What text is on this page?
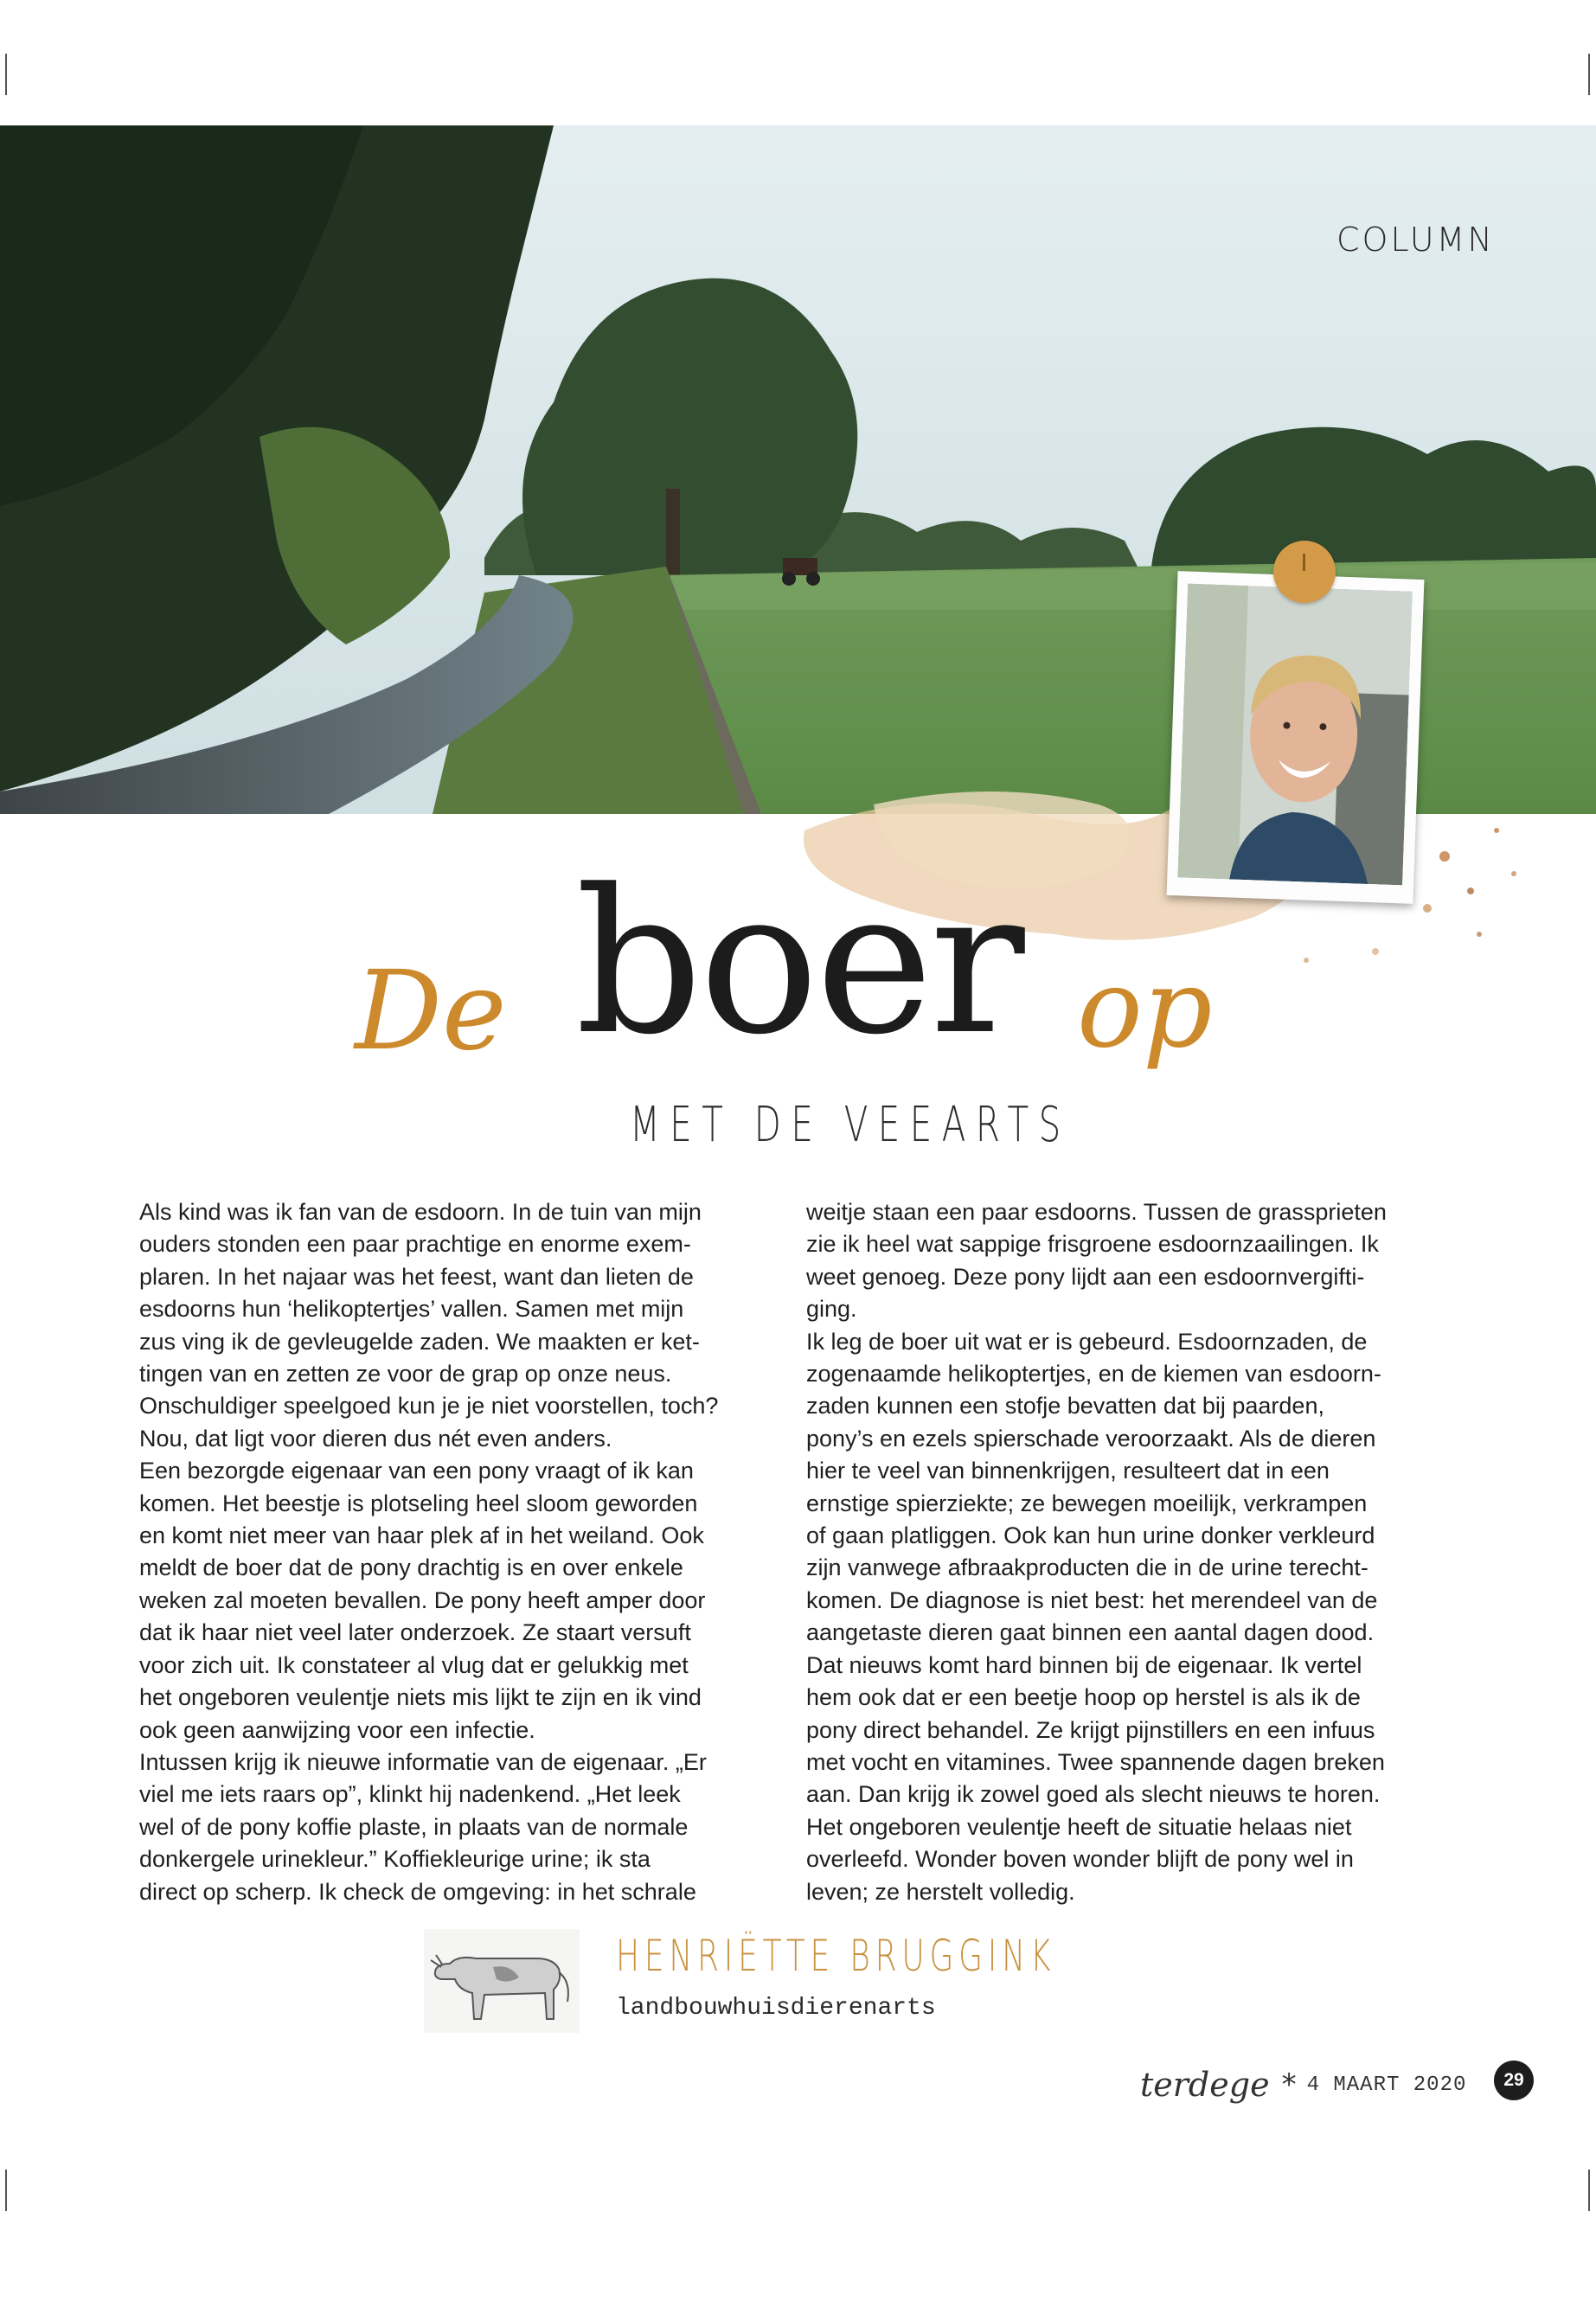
COLUMN
De boer op
MET DE VEEARTS

Als kind was ik fan van de esdoorn. In de tuin van mijn

ouders stonden een paar prachtige en enorme exem-

plaren. In het najaar was het feest, want dan lieten de

esdoorns hun ‘helikoptertjes’ vallen. Samen met mijn

zus ving ik de gevleugelde zaden. We maakten er ket-

tingen van en zetten ze voor de grap op onze neus.

Onschuldiger speelgoed kun je je niet voorstellen, toch?

Nou, dat ligt voor dieren dus nét even anders.

Een bezorgde eigenaar van een pony vraagt of ik kan

komen. Het beestje is plotseling heel sloom geworden

en komt niet meer van haar plek af in het weiland. Ook

meldt de boer dat de pony drachtig is en over enkele

weken zal moeten bevallen. De pony heeft amper door

dat ik haar niet veel later onderzoek. Ze staart versuft

voor zich uit. Ik constateer al vlug dat er gelukkig met

het ongeboren veulentje niets mis lijkt te zijn en ik vind

ook geen aanwijzing voor een infectie.

Intussen krijg ik nieuwe informatie van de eigenaar. „Er

viel me iets raars op”, klinkt hij nadenkend. „Het leek

wel of de pony koffie plaste, in plaats van de normale

donkergele urinekleur.” Koffiekleurige urine; ik sta

direct op scherp. Ik check de omgeving: in het schrale

weitje staan een paar esdoorns. Tussen de grassprieten

zie ik heel wat sappige frisgroene esdoornzaailingen. Ik

weet genoeg. Deze pony lijdt aan een esdoornvergifti-

ging.

Ik leg de boer uit wat er is gebeurd. Esdoornzaden, de

zogenaamde helikoptertjes, en de kiemen van esdoorn-

zaden kunnen een stofje bevatten dat bij paarden,

pony’s en ezels spierschade veroorzaakt. Als de dieren

hier te veel van binnenkrijgen, resulteert dat in een

ernstige spierziekte; ze bewegen moeilijk, verkrampen

of gaan platliggen. Ook kan hun urine donker verkleurd

zijn vanwege afbraakproducten die in de urine terecht-

komen. De diagnose is niet best: het merendeel van de

aangetaste dieren gaat binnen een aantal dagen dood.

Dat nieuws komt hard binnen bij de eigenaar. Ik vertel

hem ook dat er een beetje hoop op herstel is als ik de

pony direct behandel. Ze krijgt pijnstillers en een infuus

met vocht en vitamines. Twee spannende dagen breken

aan. Dan krijg ik zowel goed als slecht nieuws te horen.

Het ongeboren veulentje heeft de situatie helaas niet

overleefd. Wonder boven wonder blijft de pony wel in

leven; ze herstelt volledig.

HENRIËTTE BRUGGINK
landbouwhuisdierenarts
terdege * 4 MAART 2020	29
